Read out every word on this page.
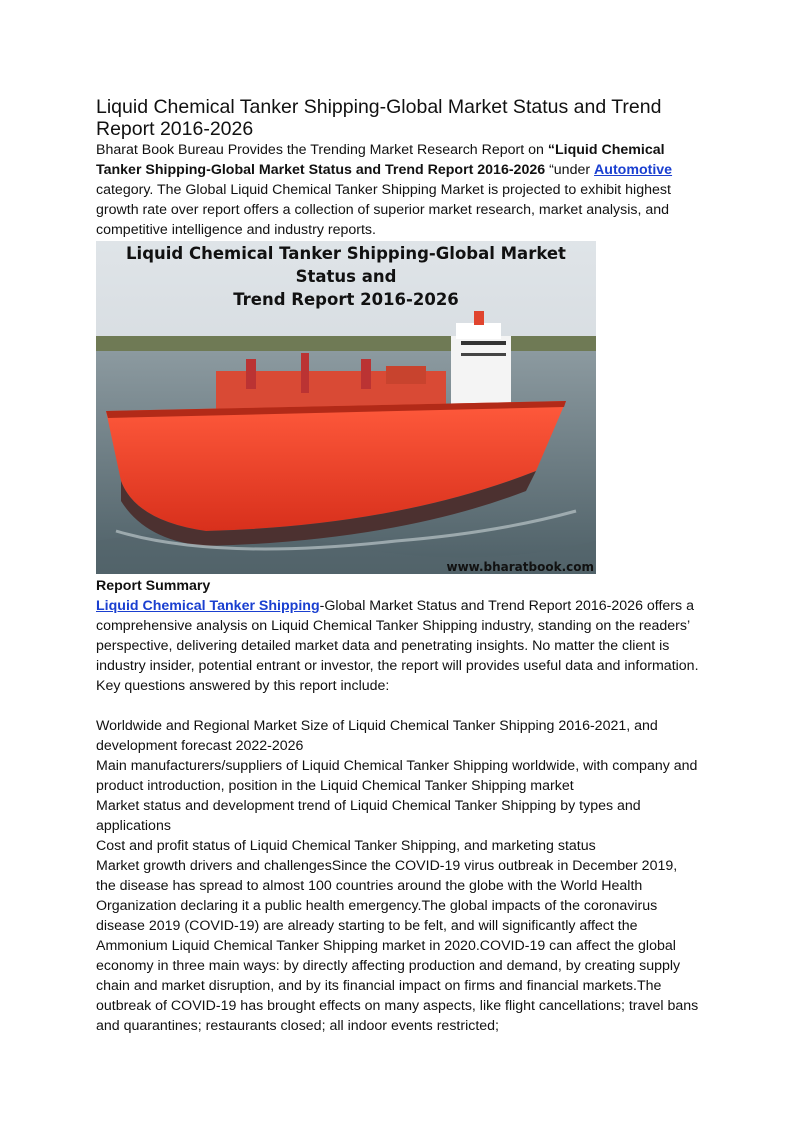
Liquid Chemical Tanker Shipping-Global Market Status and Trend Report 2016-2026

Bharat Book Bureau Provides the Trending Market Research Report on “Liquid Chemical Tanker Shipping-Global Market Status and Trend Report 2016-2026 “under Automotive category. The Global Liquid Chemical Tanker Shipping Market is projected to exhibit highest growth rate over report offers a collection of superior market research, market analysis, and competitive intelligence and industry reports.

Liquid Chemical Tanker Shipping-Global Market Status and
Trend Report 2016-2026
www.bharatbook.com
Report Summary

Liquid Chemical Tanker Shipping-Global Market Status and Trend Report 2016-2026 offers a comprehensive analysis on Liquid Chemical Tanker Shipping industry, standing on the readers’ perspective, delivering detailed market data and penetrating insights. No matter the client is industry insider, potential entrant or investor, the report will provides useful data and information. Key questions answered by this report include:

Worldwide and Regional Market Size of Liquid Chemical Tanker Shipping 2016-2021, and development forecast 2022-2026

Main manufacturers/suppliers of Liquid Chemical Tanker Shipping worldwide, with company and product introduction, position in the Liquid Chemical Tanker Shipping market

Market status and development trend of Liquid Chemical Tanker Shipping by types and applications

Cost and profit status of Liquid Chemical Tanker Shipping, and marketing status

Market growth drivers and challengesSince the COVID-19 virus outbreak in December 2019, the disease has spread to almost 100 countries around the globe with the World Health Organization declaring it a public health emergency.The global impacts of the coronavirus disease 2019 (COVID-19) are already starting to be felt, and will significantly affect the Ammonium Liquid Chemical Tanker Shipping market in 2020.COVID-19 can affect the global economy in three main ways: by directly affecting production and demand, by creating supply chain and market disruption, and by its financial impact on firms and financial markets.The outbreak of COVID-19 has brought effects on many aspects, like flight cancellations; travel bans and quarantines; restaurants closed; all indoor events restricted;
